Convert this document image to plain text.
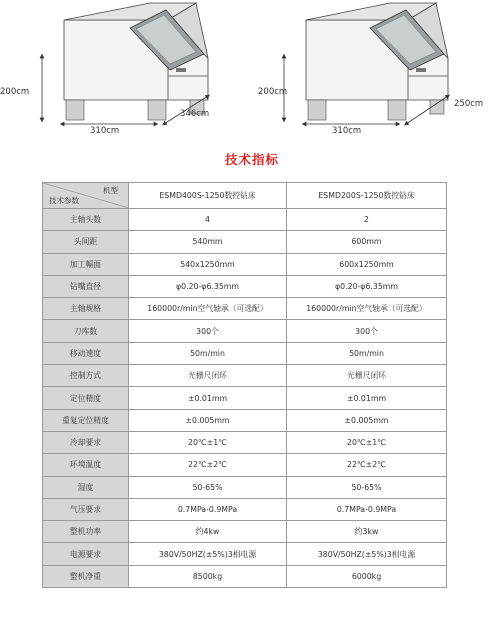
200cm
310cm
346cm
200cm
310cm
250cm
技术指标
机型
技术参数	ESMD400S-1250数控钻床	ESMD200S-1250数控钻床
主轴头数	4	2
头间距	540mm	600mm
加工幅面	540x1250mm	600x1250mm
钻嘴直径	φ0.20-φ6.35mm	φ0.20-φ6.35mm
主轴规格	160000r/min空气轴承（可选配）	160000r/min空气轴承（可选配）
刀库数	300个	300个
移动速度	50m/min	50m/min
控制方式	光栅尺闭环	光栅尺闭环
定位精度	±0.01mm	±0.01mm
重复定位精度	±0.005mm	±0.005mm
冷却要求	20℃±1℃	20℃±1℃
环境温度	22℃±2℃	22℃±2℃
湿度	50-65%	50-65%
气压要求	0.7MPa-0.9MPa	0.7MPa-0.9MPa
整机功率	约4kw	约3kw
电源要求	380V/50HZ(±5%)3相电源	380V/50HZ(±5%)3相电源
整机净重	8500kg	6000kg
